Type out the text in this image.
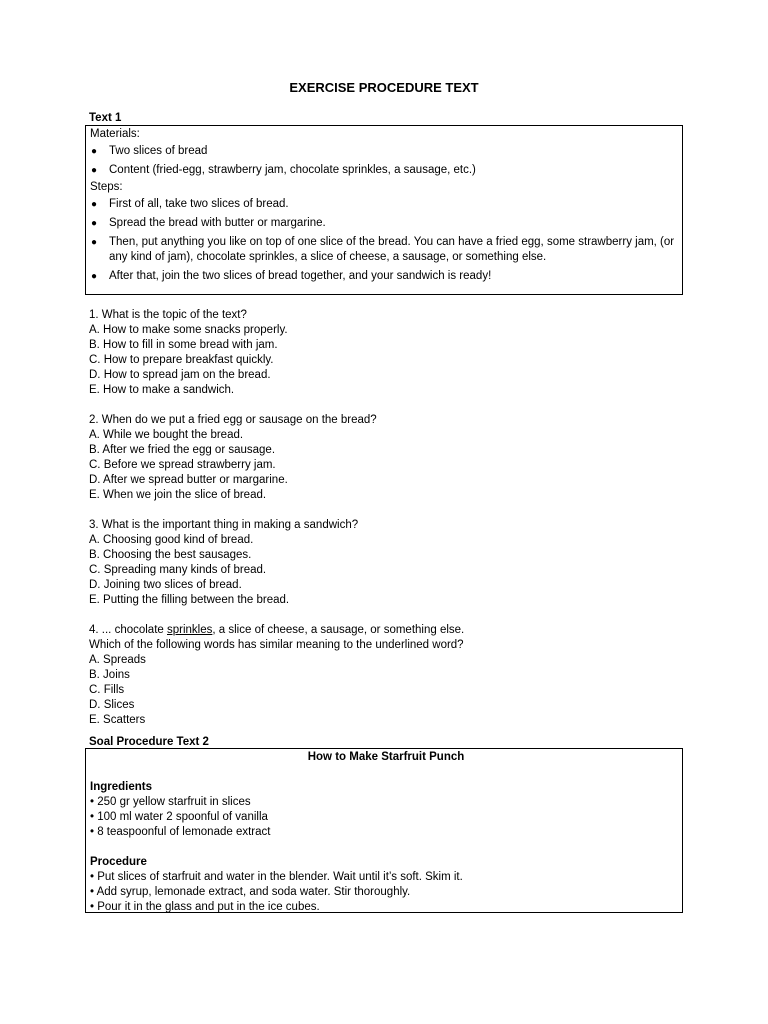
EXERCISE PROCEDURE TEXT
Text 1

Materials:

● Two slices of bread
● Content (fried-egg, strawberry jam, chocolate sprinkles, a sausage, etc.)

Steps:

● First of all, take two slices of bread.
● Spread the bread with butter or margarine.
● Then, put anything you like on top of one slice of the bread. You can have a fried egg, some strawberry jam, (or any kind of jam), chocolate sprinkles, a slice of cheese, a sausage, or something else.
● After that, join the two slices of bread together, and your sandwich is ready!

1. What is the topic of the text?

A. How to make some snacks properly.

B. How to fill in some bread with jam.

C. How to prepare breakfast quickly.

D. How to spread jam on the bread.

E. How to make a sandwich.

2. When do we put a fried egg or sausage on the bread?

A. While we bought the bread.

B. After we fried the egg or sausage.

C. Before we spread strawberry jam.

D. After we spread butter or margarine.

E. When we join the slice of bread.

3. What is the important thing in making a sandwich?

A. Choosing good kind of bread.

B. Choosing the best sausages.

C. Spreading many kinds of bread.

D. Joining two slices of bread.

E. Putting the filling between the bread.

4. ... chocolate sprinkles, a slice of cheese, a sausage, or something else.

Which of the following words has similar meaning to the underlined word?

A. Spreads

B. Joins

C. Fills

D. Slices

E. Scatters

Soal Procedure Text 2

How to Make Starfruit Punch

Ingredients

• 250 gr yellow starfruit in slices

• 100 ml water 2 spoonful of vanilla

• 8 teaspoonful of lemonade extract

Procedure

• Put slices of starfruit and water in the blender. Wait until it’s soft. Skim it.

• Add syrup, lemonade extract, and soda water. Stir thoroughly.

• Pour it in the glass and put in the ice cubes.
